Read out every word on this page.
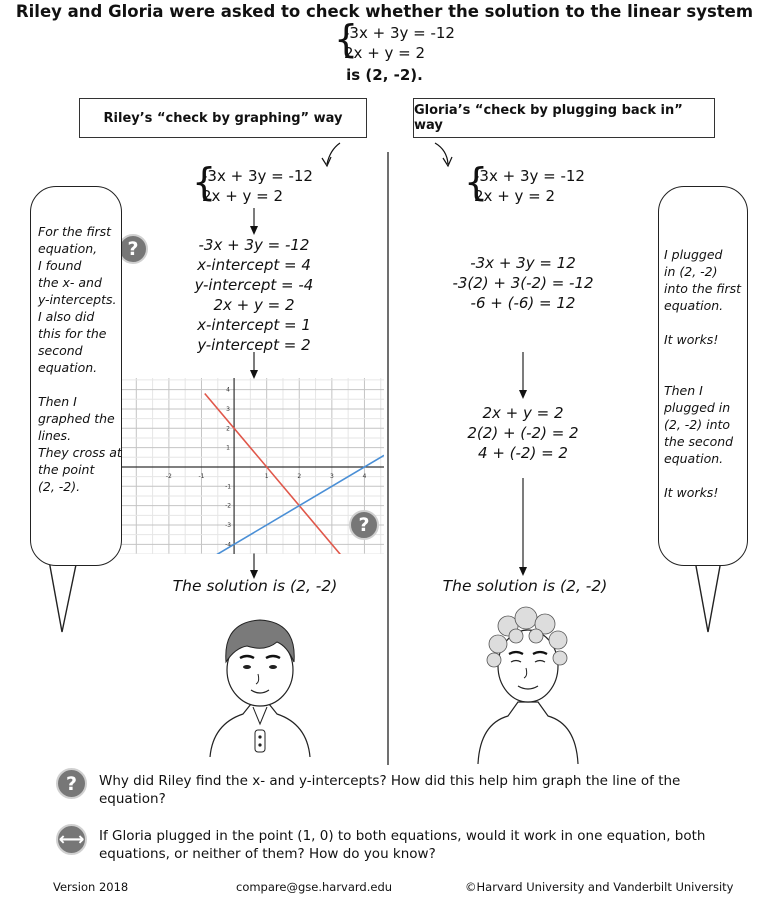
Riley and Gloria were asked to check whether the solution to the linear system
{
-3x + 3y = -12
2x + y = 2
is (2, -2).
Riley’s “check by graphing” way	Gloria’s “check by plugging back in” way
{
-3x + 3y = -12
2x + y = 2
-3x + 3y = -12
x-intercept = 4
y-intercept = -4
2x + y = 2
x-intercept = 1
y-intercept = 2
-2	-1	1	2	3	4
4
3
2
1
-1
-2
-3
-4
The solution is (2, -2)
?
?

For the first

equation,

I found

the x- and

y-intercepts.

I also did

this for the

second

equation.

Then I

graphed the

lines.

They cross at

the point

(2, -2).

{
-3x + 3y = -12
2x + y = 2
-3x + 3y = 12
-3(2) + 3(-2) = -12
-6 + (-6) = 12
2x + y = 2
2(2) + (-2) = 2
4 + (-2) = 2
The solution is (2, -2)

I plugged

in (2, -2)

into the first

equation.

It works!

Then I

plugged in

(2, -2) into

the second

equation.

It works!

?	Why did Riley find the x- and y-intercepts? How did this help him graph the line of the equation?
⟷ If Gloria plugged in the point (1, 0) to both equations, would it work in one equation, both equations, or neither of them? How do you know?
Version 2018	compare@gse.harvard.edu	©Harvard University and Vanderbilt University
